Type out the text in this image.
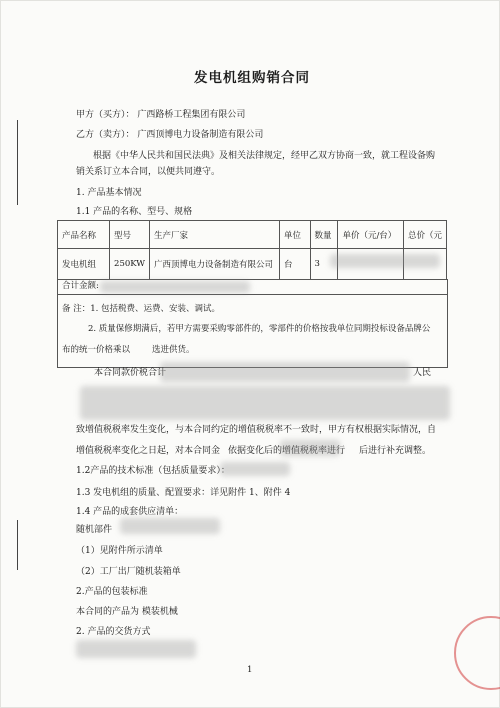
发电机组购销合同
甲方（买方）： 广西路桥工程集团有限公司
乙方（卖方）： 广西顶博电力设备制造有限公司
根据《中华人民共和国民法典》及相关法律规定，经甲乙双方协商一致，就工程设备购
销关系订立本合同，以便共同遵守。
1. 产品基本情况
1.1 产品的名称、型号、规格
产品名称	型号	生产厂家	单位	数量	单价（元/台）	总价（元
发电机组	250KW	广西顶博电力设备制造有限公司	台	3		
合计金额:
备 注：1. 包括税费、运费、安装、调试。
2. 质量保修期满后，若甲方需要采购零部件的，零部件的价格按我单位同期投标设备品牌公
布的统一价格乘以	选进供货。
本合同款价税合计	人民
致增值税税率发生变化，与本合同约定的增值税税率不一致时，甲方有权根据实际情况，自
增值税税率变化之日起，对本合同金 依据变化后的增值税税率进行 后进行补充调整。
1.2产品的技术标准（包括质量要求）：
1.3 发电机组的质量、配置要求：详见附件 1、附件 4
1.4 产品的成套供应清单：
随机部件
（1）见附件所示清单
（2）工厂出厂随机装箱单
2.产品的包装标准
本合同的产品为 模装机械
2. 产品的交货方式
1
